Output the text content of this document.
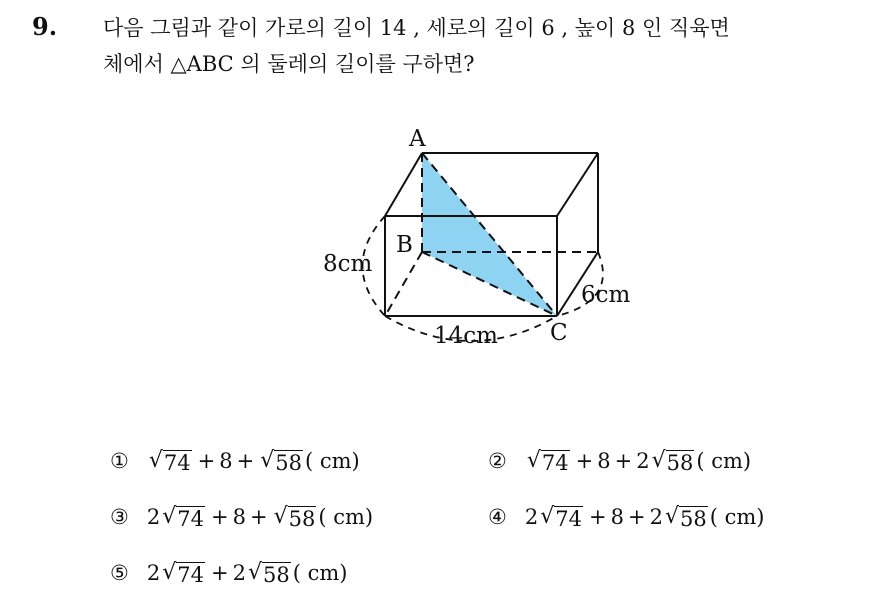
9. 다음 그림과 같이 가로의 길이 14 , 세로의 길이 6 , 높이 8 인 직육면
체에서 △ABC 의 둘레의 길이를 구하면?
A
B
C
8cm
6cm
14cm
① √ 74 + 8 + √ 58 ( cm)	② √ 74 + 8 + 2 √ 58 ( cm)
③ 2 √ 74 + 8 + √ 58 ( cm)	④ 2 √ 74 + 8 + 2 √ 58 ( cm)
⑤ 2 √ 74 + 2 √ 58 ( cm)
